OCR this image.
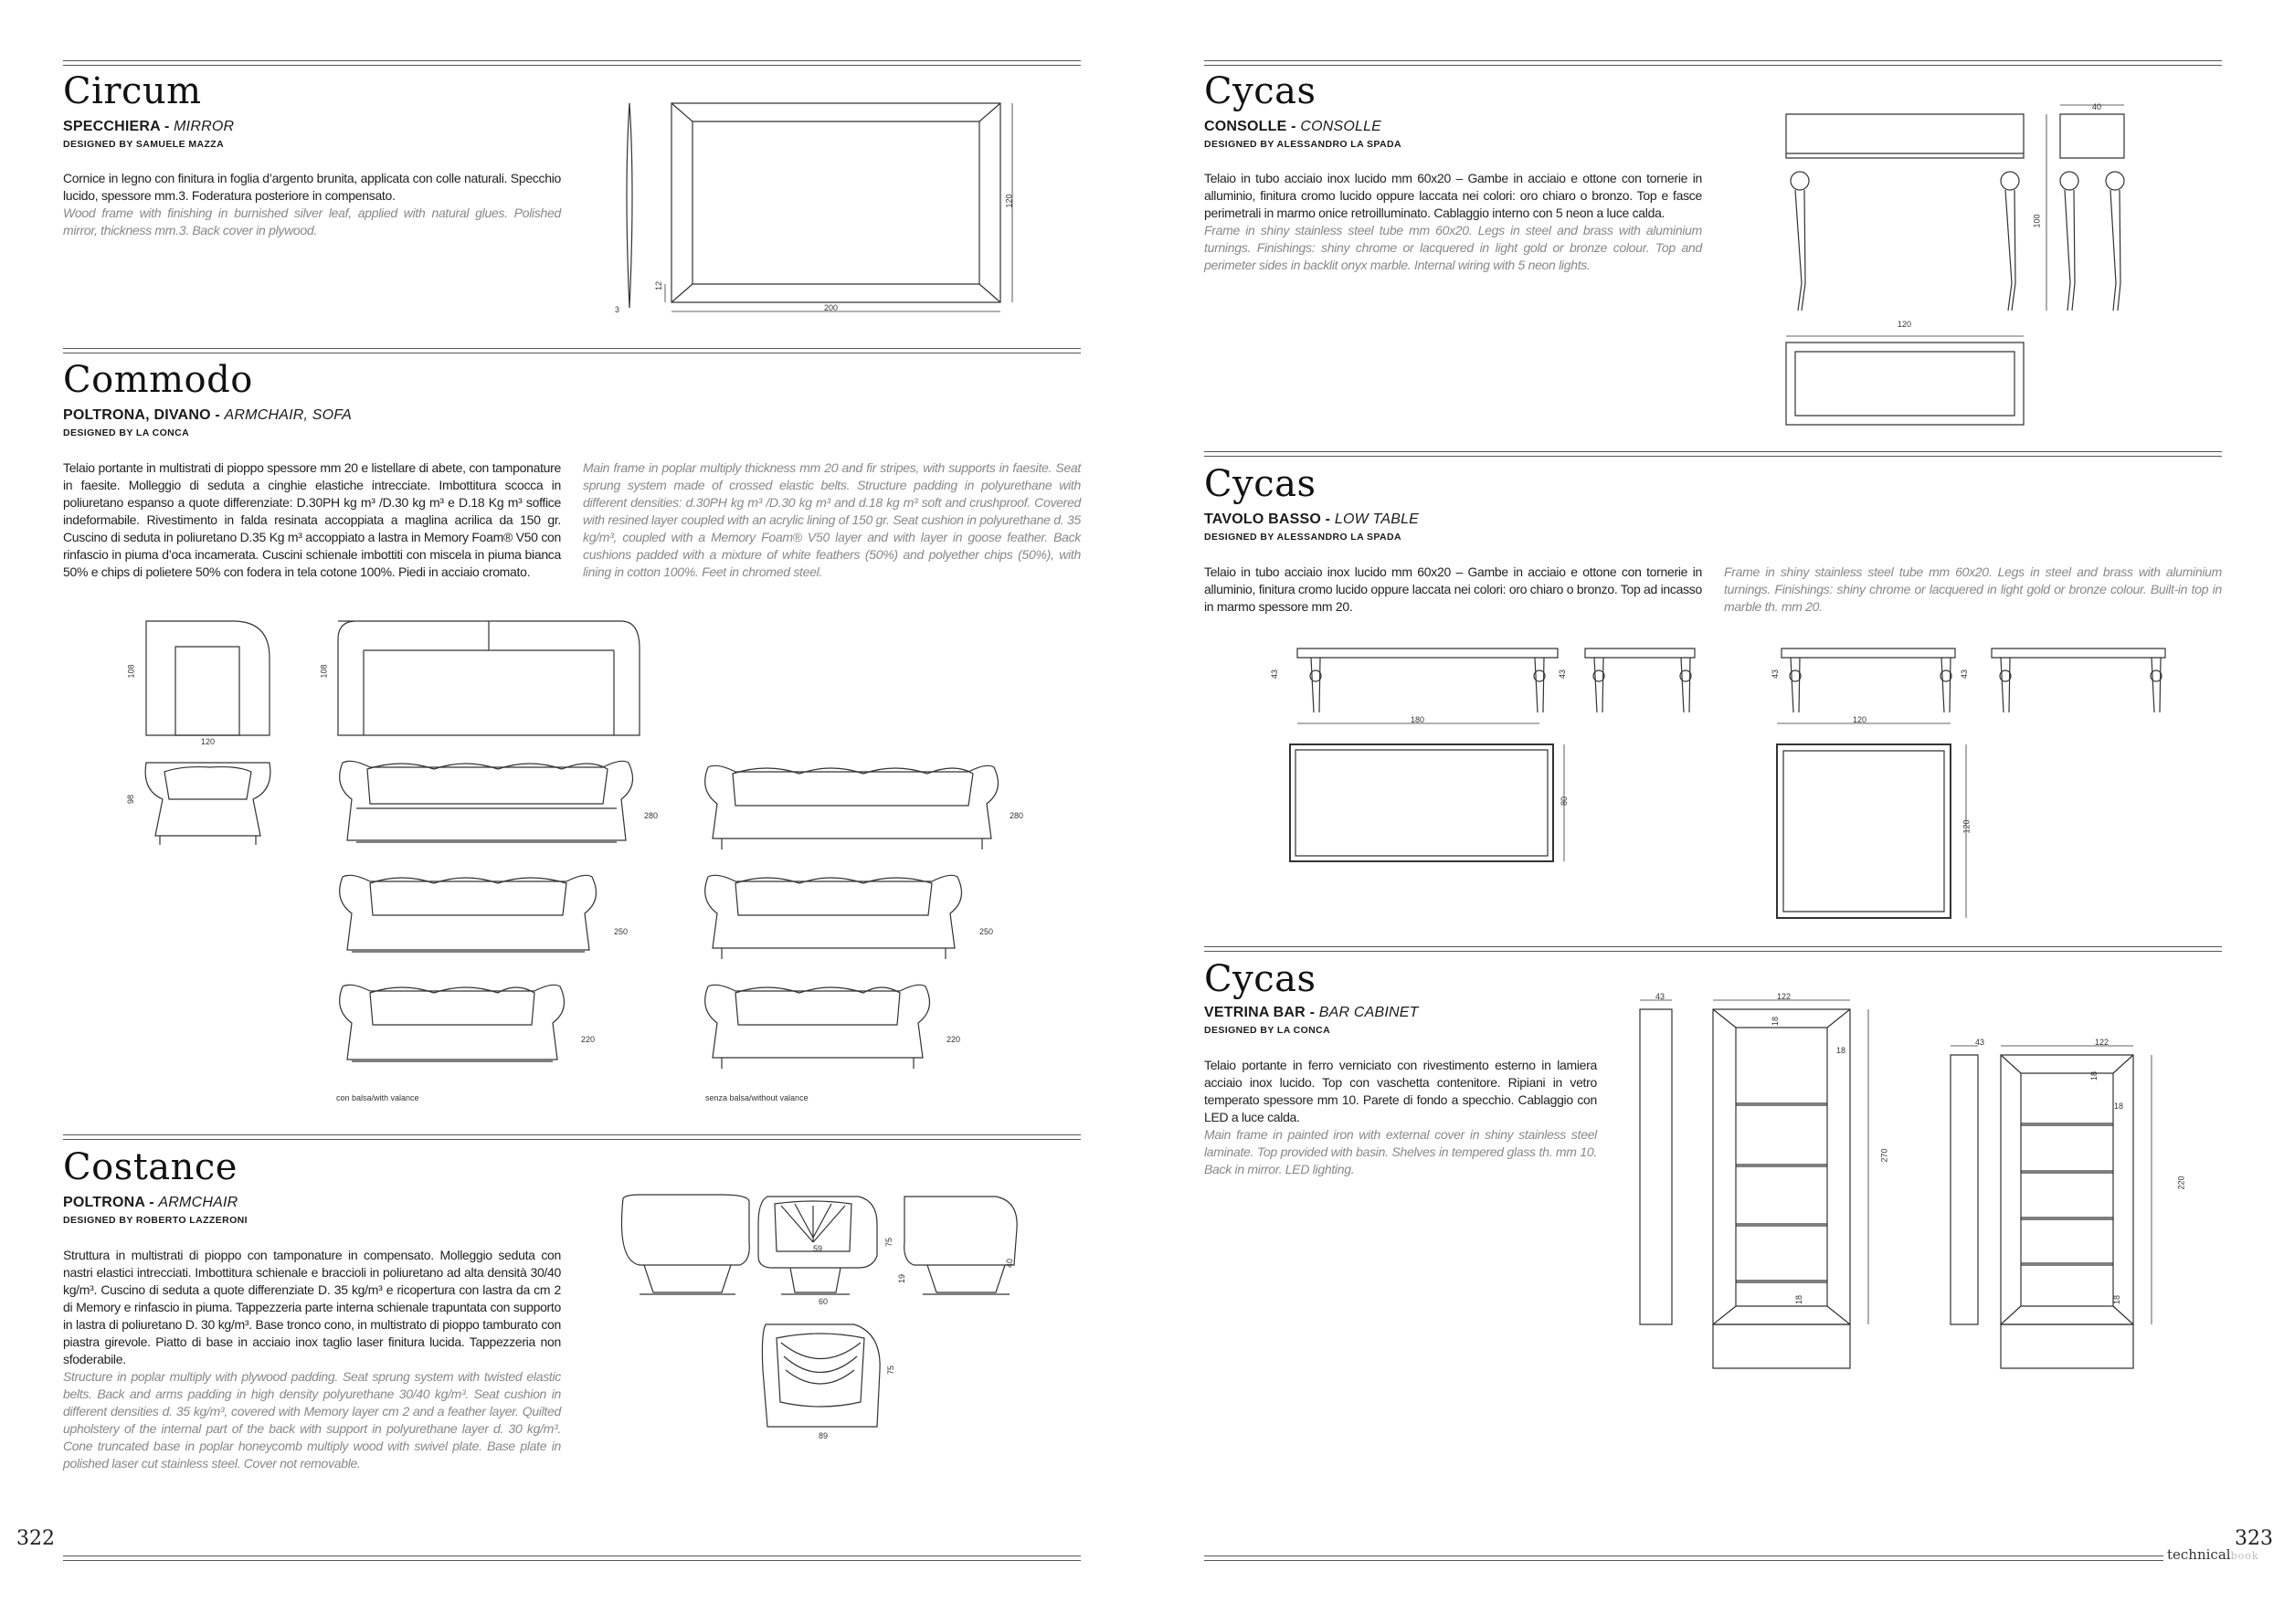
Circum
SPECCHIERA - MIRROR
DESIGNED BY SAMUELE MAZZA
Cornice in legno con finitura in foglia d’argento brunita, applicata con colle naturali. Specchio lucido, spessore mm.3. Foderatura posteriore in compensato.
Wood frame with finishing in burnished silver leaf, applied with natural glues. Polished mirror, thickness mm.3. Back cover in plywood.
3
12
200
120
Commodo
POLTRONA, DIVANO - ARMCHAIR, SOFA
DESIGNED BY LA CONCA
Telaio portante in multistrati di pioppo spessore mm 20 e listellare di abete, con tamponature in faesite. Molleggio di seduta a cinghie elastiche intrecciate. Imbottitura scocca in poliuretano espanso a quote differenziate: D.30PH kg m³ /D.30 kg m³ e D.18 Kg m³ soffice indeformabile. Rivestimento in falda resinata accoppiata a maglina acrilica da 150 gr. Cuscino di seduta in poliuretano D.35 Kg m³ accoppiato a lastra in Memory Foam® V50 con rinfascio in piuma d’oca incamerata. Cuscini schienale imbottiti con miscela in piuma bianca 50% e chips di polietere 50% con fodera in tela cotone 100%. Piedi in acciaio cromato.
Main frame in poplar multiply thickness mm 20 and fir stripes, with supports in faesite. Seat sprung system made of crossed elastic belts. Structure padding in polyurethane with different densities: d.30PH kg m³ /D.30 kg m³ and d.18 kg m³ soft and crushproof. Covered with resined layer coupled with an acrylic lining of 150 gr. Seat cushion in polyurethane d. 35 kg/m³, coupled with a Memory Foam® V50 layer and with layer in goose feather. Back cushions padded with a mixture of white feathers (50%) and polyether chips (50%), with lining in cotton 100%. Feet in chromed steel.
108	108
120
98
280	280
250	250
220	220
con balsa/with valance	senza balsa/without valance
Costance
POLTRONA - ARMCHAIR
DESIGNED BY ROBERTO LAZZERONI
Struttura in multistrati di pioppo con tamponature in compensato. Molleggio seduta con nastri elastici intrecciati. Imbottitura schienale e braccioli in poliuretano ad alta densità 30/40 kg/m³. Cuscino di seduta a quote differenziate D. 35 kg/m³ e ricopertura con lastra da cm 2 di Memory e rinfascio in piuma. Tappezzeria parte interna schienale trapuntata con supporto in lastra di poliuretano D. 30 kg/m³. Base tronco cono, in multistrato di pioppo tamburato con piastra girevole. Piatto di base in acciaio inox taglio laser finitura lucida. Tappezzeria non sfoderabile.
Structure in poplar multiply with plywood padding. Seat sprung system with twisted elastic belts. Back and arms padding in high density polyurethane 30/40 kg/m³. Seat cushion in different densities d. 35 kg/m³, covered with Memory layer cm 2 and a feather layer. Quilted upholstery of the internal part of the back with support in polyurethane layer d. 30 kg/m³. Cone truncated base in poplar honeycomb multiply wood with swivel plate. Base plate in polished laser cut stainless steel. Cover not removable.
59
60
75
40
19
75
89
322
Cycas
CONSOLLE - CONSOLLE
DESIGNED BY ALESSANDRO LA SPADA
Telaio in tubo acciaio inox lucido mm 60x20 – Gambe in acciaio e ottone con tornerie in alluminio, finitura cromo lucido oppure laccata nei colori: oro chiaro o bronzo. Top e fasce perimetrali in marmo onice retroilluminato. Cablaggio interno con 5 neon a luce calda.
Frame in shiny stainless steel tube mm 60x20. Legs in steel and brass with aluminium turnings. Finishings: shiny chrome or lacquered in light gold or bronze colour. Top and perimeter sides in backlit onyx marble. Internal wiring with 5 neon lights.
40
100
120
Cycas
TAVOLO BASSO - LOW TABLE
DESIGNED BY ALESSANDRO LA SPADA
Telaio in tubo acciaio inox lucido mm 60x20 – Gambe in acciaio e ottone con tornerie in alluminio, finitura cromo lucido oppure laccata nei colori: oro chiaro o bronzo. Top ad incasso in marmo spessore mm 20.
Frame in shiny stainless steel tube mm 60x20. Legs in steel and brass with aluminium turnings. Finishings: shiny chrome or lacquered in light gold or bronze colour. Built-in top in marble th. mm 20.
43	43	43	43
180
80
120
120
Cycas
VETRINA BAR - BAR CABINET
DESIGNED BY LA CONCA
Telaio portante in ferro verniciato con rivestimento esterno in lamiera acciaio inox lucido. Top con vaschetta contenitore. Ripiani in vetro temperato spessore mm 10. Parete di fondo a specchio. Cablaggio con LED a luce calda.
Main frame in painted iron with external cover in shiny stainless steel laminate. Top provided with basin. Shelves in tempered glass th. mm 10. Back in mirror. LED lighting.
43	122
18
18
270
18
43	122
18
18
220
18
323
technicalbook
